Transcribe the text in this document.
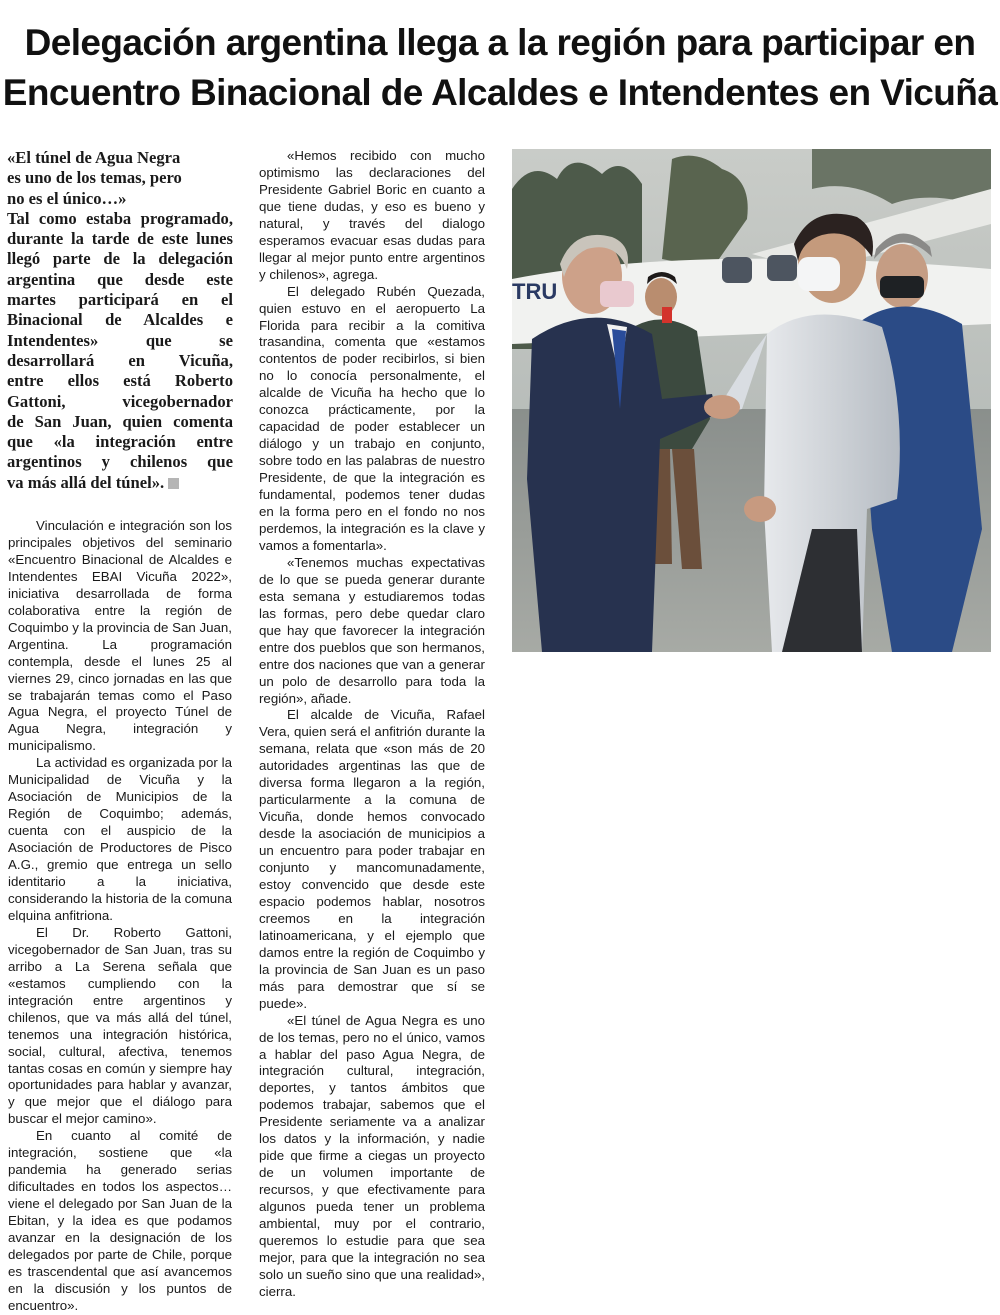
Delegación argentina llega a la región para participar en
Encuentro Binacional de Alcaldes e Intendentes en Vicuña
«El túnel de Agua Negra
es uno de los temas, pero
no es el único…»
Tal como estaba programado,
durante la tarde de este lunes
llegó parte de la delegación
argentina que desde este
martes participará en el
Binacional de Alcaldes e
Intendentes» que se
desarrollará en Vicuña,
entre ellos está Roberto
Gattoni, vicegobernador
de San Juan, quien comenta
que «la integración entre
argentinos y chilenos que
va más allá del túnel».

Vinculación e integración son los principales objetivos del seminario «Encuentro Binacional de Alcaldes e Intendentes EBAI Vicuña 2022», iniciativa desarrollada de forma colaborativa entre la región de Coquimbo y la provincia de San Juan, Argentina. La programación contempla, desde el lunes 25 al viernes 29, cinco jornadas en las que se trabajarán temas como el Paso Agua Negra, el proyecto Túnel de Agua Negra, integración y municipalismo.

La actividad es organizada por la Municipalidad de Vicuña y la Asociación de Municipios de la Región de Coquimbo; además, cuenta con el auspicio de la Asociación de Productores de Pisco A.G., gremio que entrega un sello identitario a la iniciativa, considerando la historia de la comuna elquina anfitriona.

El Dr. Roberto Gattoni, vicegobernador de San Juan, tras su arribo a La Serena señala que «estamos cumpliendo con la integración entre argentinos y chilenos, que va más allá del túnel, tenemos una integración histórica, social, cultural, afectiva, tenemos tantas cosas en común y siempre hay oportunidades para hablar y avanzar, y que mejor que el diálogo para buscar el mejor camino».

En cuanto al comité de integración, sostiene que «la pandemia ha generado serias dificultades en todos los aspectos… viene el delegado por San Juan de la Ebitan, y la idea es que podamos avanzar en la designación de los delegados por parte de Chile, porque es trascendental que así avancemos en la discusión y los puntos de encuentro».

«Hemos recibido con mucho optimismo las declaraciones del Presidente Gabriel Boric en cuanto a que tiene dudas, y eso es bueno y natural, y través del dialogo esperamos evacuar esas dudas para llegar al mejor punto entre argentinos y chilenos», agrega.

El delegado Rubén Quezada, quien estuvo en el aeropuerto La Florida para recibir a la comitiva trasandina, comenta que «estamos contentos de poder recibirlos, si bien no lo conocía personalmente, el alcalde de Vicuña ha hecho que lo conozca prácticamente, por la capacidad de poder establecer un diálogo y un trabajo en conjunto, sobre todo en las palabras de nuestro Presidente, de que la integración es fundamental, podemos tener dudas en la forma pero en el fondo no nos perdemos, la integración es la clave y vamos a fomentarla».

«Tenemos muchas expectativas de lo que se pueda generar durante esta semana y estudiaremos todas las formas, pero debe quedar claro que hay que favorecer la integración entre dos pueblos que son hermanos, entre dos naciones que van a generar un polo de desarrollo para toda la región», añade.

El alcalde de Vicuña, Rafael Vera, quien será el anfitrión durante la semana, relata que «son más de 20 autoridades argentinas las que de diversa forma llegaron a la región, particularmente a la comuna de Vicuña, donde hemos convocado desde la asociación de municipios a un encuentro para poder trabajar en conjunto y mancomunadamente, estoy convencido que desde este espacio podemos hablar, nosotros creemos en la integración latinoamericana, y el ejemplo que damos entre la región de Coquimbo y la provincia de San Juan es un paso más para demostrar que sí se puede».

«El túnel de Agua Negra es uno de los temas, pero no el único, vamos a hablar del paso Agua Negra, de integración cultural, integración, deportes, y tantos ámbitos que podemos trabajar, sabemos que el Presidente seriamente va a analizar los datos y la información, y nadie pide que firme a ciegas un proyecto de un volumen importante de recursos, y que efectivamente para algunos pueda tener un problema ambiental, muy por el contrario, queremos lo estudie para que sea mejor, para que la integración no sea solo un sueño sino que una realidad», cierra.

TRU
